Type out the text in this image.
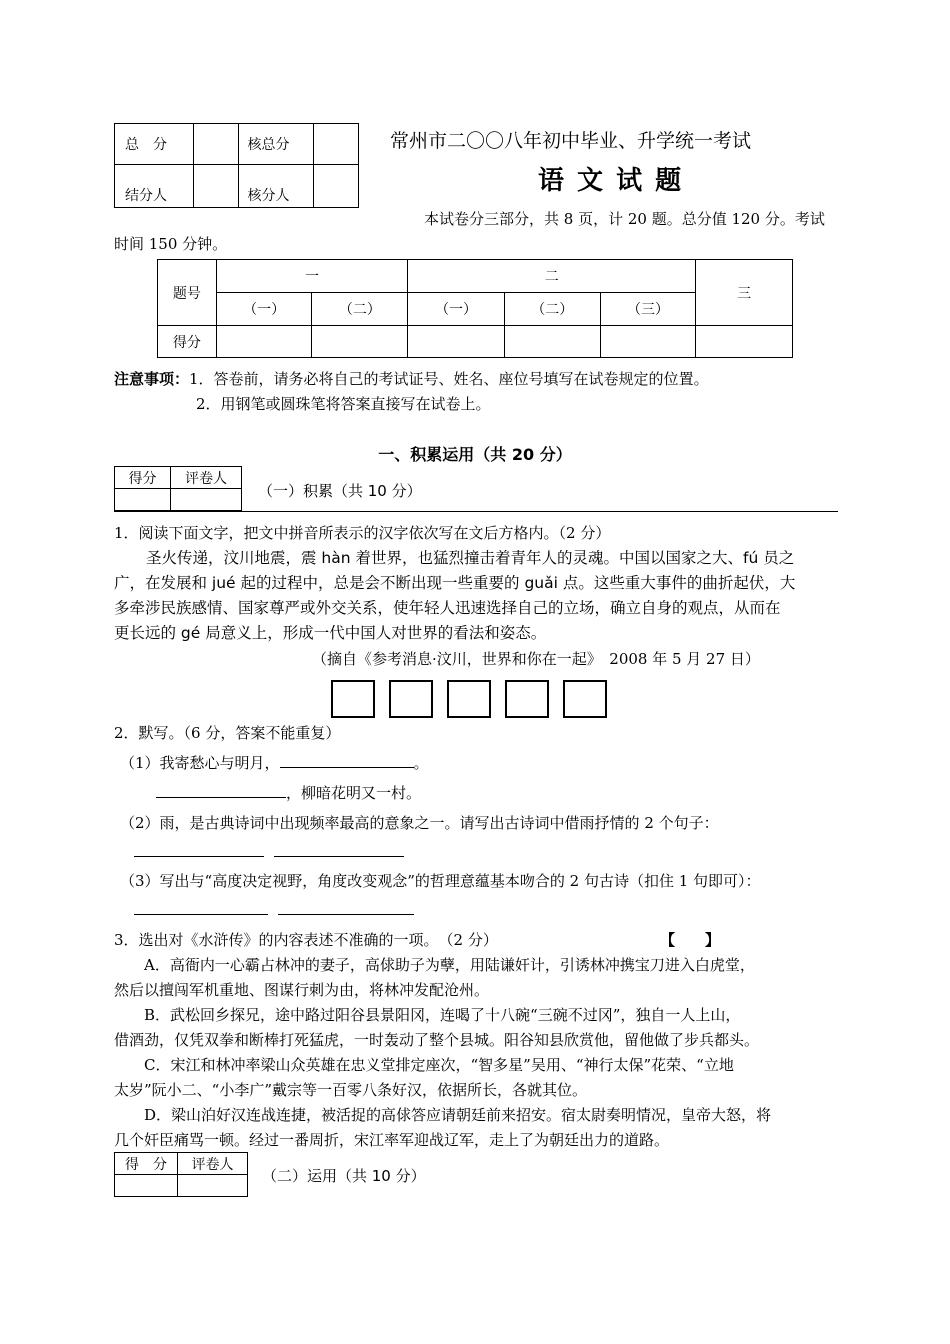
总　分		核总分	
结分人		核分人	
常州市二〇〇八年初中毕业、升学统一考试
语 文 试 题
本试卷分三部分，共 8 页，计 20 题。总分值 120 分。考试
时间 150 分钟。
题号	一		二			三
	（一）	（二）	（一）	（二）	（三）	
得分						
注意事项：1．答卷前，请务必将自己的考试证号、姓名、座位号填写在试卷规定的位置。
2．用钢笔或圆珠笔将答案直接写在试卷上。
一、积累运用（共 20 分）
得分	评卷人

（一）积累（共 10 分）
1．阅读下面文字，把文中拼音所表示的汉字依次写在文后方格内。（2 分）
圣火传递，汶川地震，震 hàn 着世界，也猛烈撞击着青年人的灵魂。中国以国家之大、fú 员之
广，在发展和 jué 起的过程中，总是会不断出现一些重要的 guǎi 点。这些重大事件的曲折起伏，大
多牵涉民族感情、国家尊严或外交关系，使年轻人迅速选择自己的立场，确立自身的观点，从而在
更长远的 gé 局意义上，形成一代中国人对世界的看法和姿态。
（摘自《参考消息·汶川，世界和你在一起》　2008 年 5 月 27 日）
2．默写。（6 分，答案不能重复）
（1）我寄愁心与明月，	。
，柳暗花明又一村。
（2）雨，是古典诗词中出现频率最高的意象之一。请写出古诗词中借雨抒情的 2 个句子：
（3）写出与“高度决定视野，角度改变观念”的哲理意蕴基本吻合的 2 句古诗（扣住 1 句即可）：
3．选出对《水浒传》的内容表述不准确的一项。　（2 分）	【　　】
A．高衙内一心霸占林冲的妻子，高俅助子为孽，用陆谦奸计，引诱林冲携宝刀进入白虎堂，
然后以擅闯军机重地、图谋行刺为由，将林冲发配沧州。
B．武松回乡探兄，途中路过阳谷县景阳冈，连喝了十八碗“三碗不过冈”，独自一人上山，
借酒劲，仅凭双拳和断棒打死猛虎，一时轰动了整个县城。阳谷知县欣赏他，留他做了步兵都头。
C．宋江和林冲率梁山众英雄在忠义堂排定座次，“智多星”吴用、“神行太保”花荣、“立地
太岁”阮小二、“小李广”戴宗等一百零八条好汉，依据所长，各就其位。
D．梁山泊好汉连战连捷，被活捉的高俅答应请朝廷前来招安。宿太尉奏明情况，皇帝大怒，将
几个奸臣痛骂一顿。经过一番周折，宋江率军迎战辽军，走上了为朝廷出力的道路。
得　分	评卷人

（二）运用（共 10 分）
